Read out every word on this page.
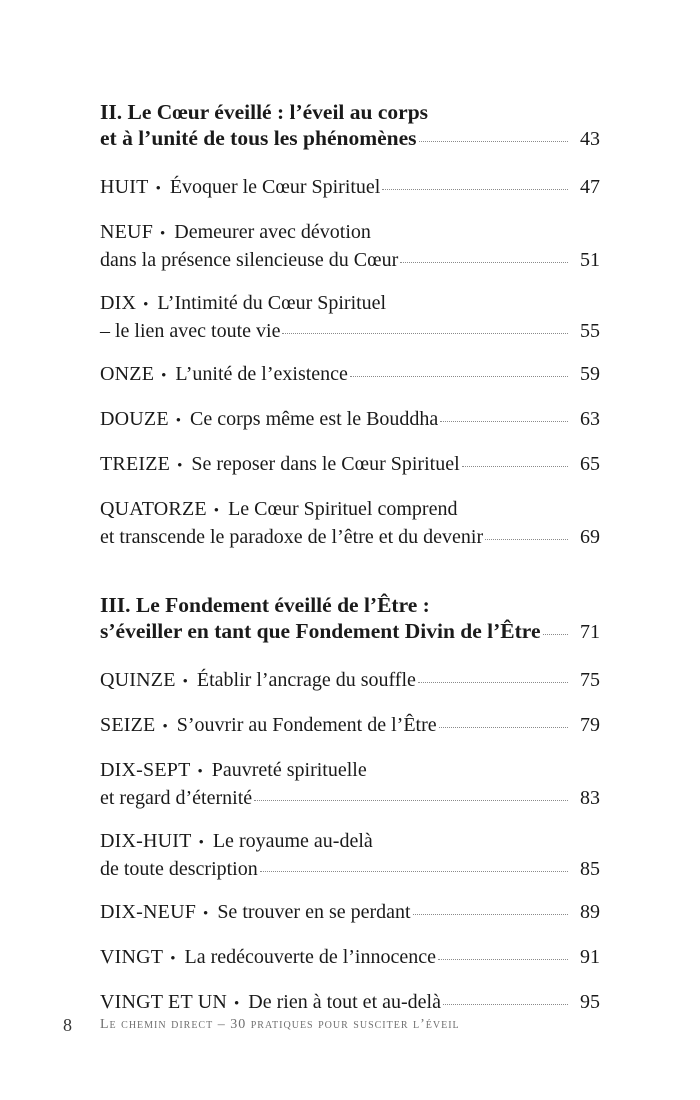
II. Le Cœur éveillé : l’éveil au corps
et à l’unité de tous les phénomènes	43
HUIT • Évoquer le Cœur Spirituel	47
NEUF • Demeurer avec dévotion
dans la présence silencieuse du Cœur	51
DIX • L’Intimité du Cœur Spirituel
– le lien avec toute vie	55
ONZE • L’unité de l’existence	59
DOUZE • Ce corps même est le Bouddha	63
TREIZE • Se reposer dans le Cœur Spirituel	65
QUATORZE • Le Cœur Spirituel comprend
et transcende le paradoxe de l’être et du devenir	69
III. Le Fondement éveillé de l’Être :
s’éveiller en tant que Fondement Divin de l’Être	71
QUINZE • Établir l’ancrage du souffle	75
SEIZE • S’ouvrir au Fondement de l’Être	79
DIX-SEPT • Pauvreté spirituelle
et regard d’éternité	83
DIX-HUIT • Le royaume au-delà
de toute description	85
DIX-NEUF • Se trouver en se perdant	89
VINGT • La redécouverte de l’innocence	91
VINGT ET UN • De rien à tout et au-delà	95
8 Le chemin direct – 30 pratiques pour susciter l’éveil
